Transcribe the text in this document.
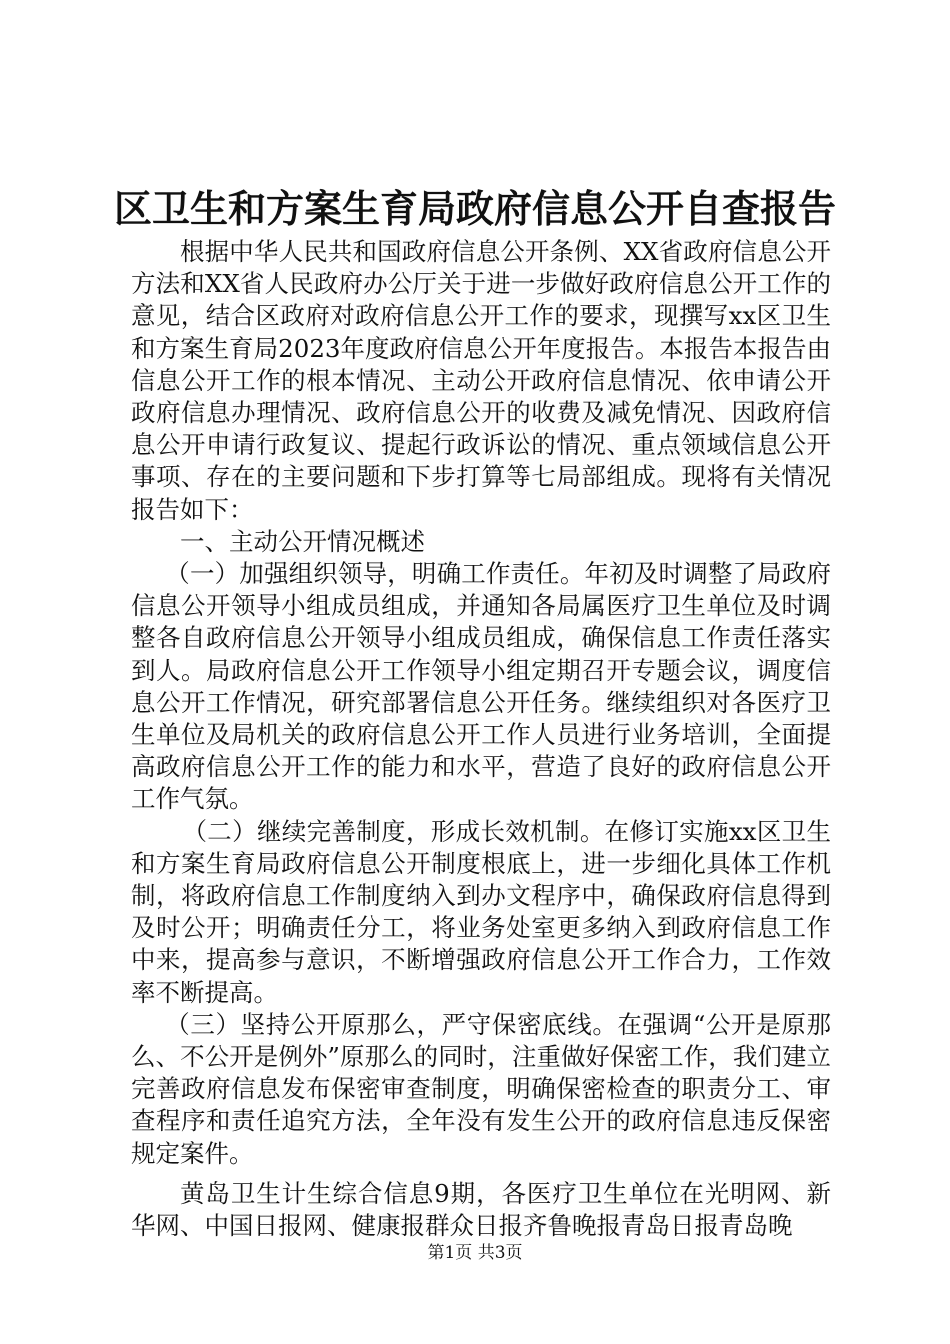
区卫生和方案生育局政府信息公开自查报告

根据中华人民共和国政府信息公开条例、XX省政府信息公开方法和XX省人民政府办公厅关于进一步做好政府信息公开工作的意见，结合区政府对政府信息公开工作的要求，现撰写xx区卫生和方案生育局2023年度政府信息公开年度报告。本报告本报告由信息公开工作的根本情况、主动公开政府信息情况、依申请公开政府信息办理情况、政府信息公开的收费及减免情况、因政府信息公开申请行政复议、提起行政诉讼的情况、重点领域信息公开事项、存在的主要问题和下步打算等七局部组成。现将有关情况报告如下：

一、主动公开情况概述

（一）加强组织领导，明确工作责任。年初及时调整了局政府信息公开领导小组成员组成，并通知各局属医疗卫生单位及时调整各自政府信息公开领导小组成员组成，确保信息工作责任落实到人。局政府信息公开工作领导小组定期召开专题会议，调度信息公开工作情况，研究部署信息公开任务。继续组织对各医疗卫生单位及局机关的政府信息公开工作人员进行业务培训，全面提高政府信息公开工作的能力和水平，营造了良好的政府信息公开工作气氛。

（二）继续完善制度，形成长效机制。在修订实施xx区卫生和方案生育局政府信息公开制度根底上，进一步细化具体工作机制，将政府信息工作制度纳入到办文程序中，确保政府信息得到及时公开；明确责任分工，将业务处室更多纳入到政府信息工作中来，提高参与意识，不断增强政府信息公开工作合力，工作效率不断提高。

（三）坚持公开原那么，严守保密底线。在强调“公开是原那么、不公开是例外”原那么的同时，注重做好保密工作，我们建立完善政府信息发布保密审查制度，明确保密检查的职责分工、审查程序和责任追究方法，全年没有发生公开的政府信息违反保密规定案件。

黄岛卫生计生综合信息9期，各医疗卫生单位在光明网、新华网、中国日报网、健康报群众日报齐鲁晚报青岛日报青岛晚

第1页 共3页
